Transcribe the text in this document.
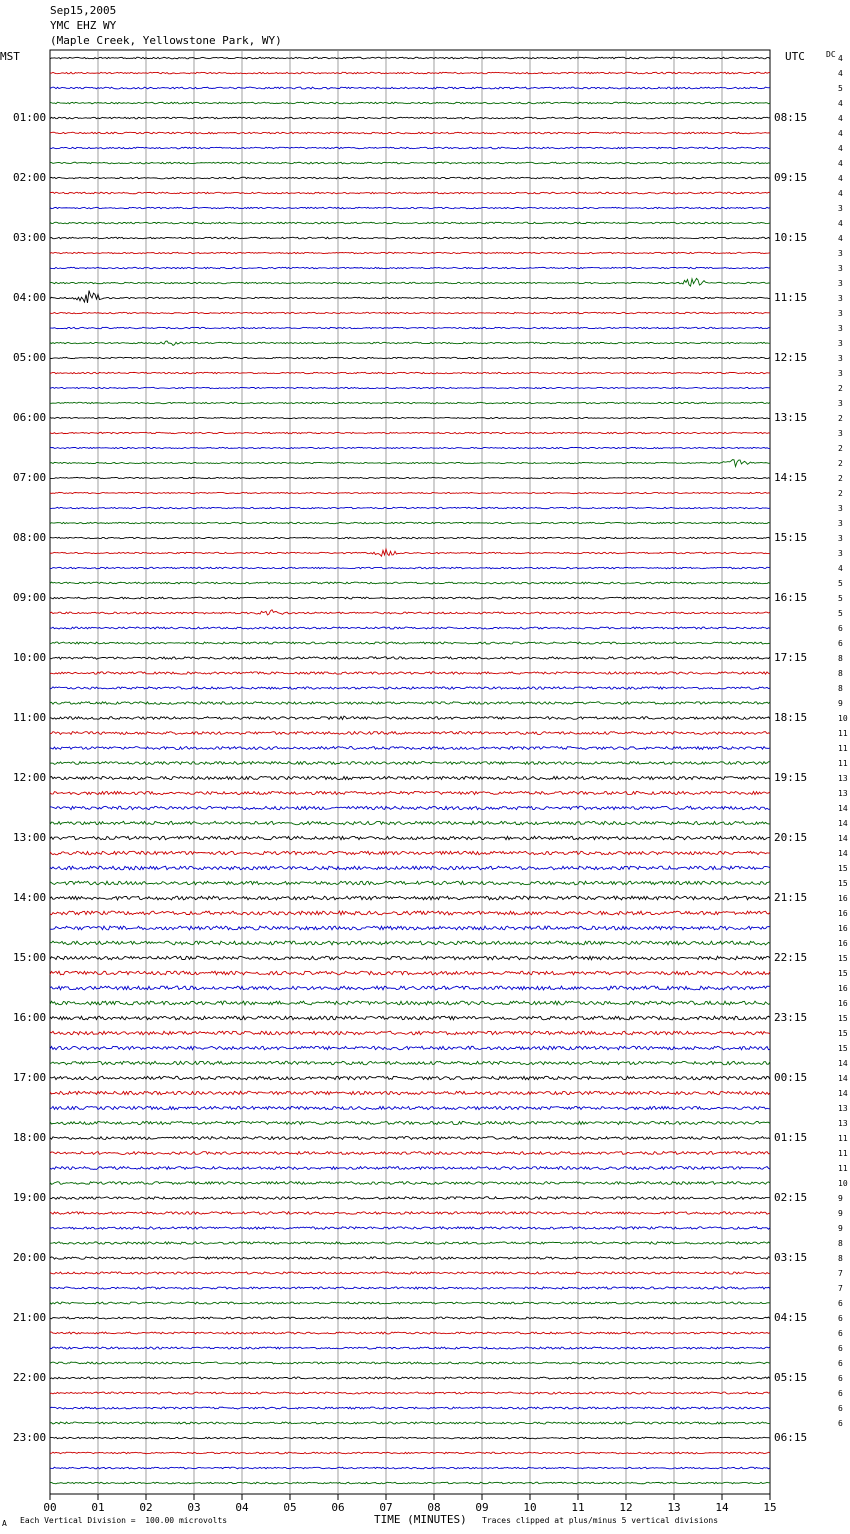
00	01	02	03	04	05	06	07	08	09	10	11	12	13	14	15
Sep15,2005
YMC EHZ WY
(Maple Creek, Yellowstone Park, WY)
MST	UTC	DC
01:00
02:00
03:00
04:00
05:00
06:00
07:00
08:00
09:00
10:00
11:00
12:00
13:00
14:00
15:00
16:00
17:00
18:00
19:00
20:00
21:00
22:00
23:00
08:15
09:15
10:15
11:15
12:15
13:15
14:15
15:15
16:15
17:15
18:15
19:15
20:15
21:15
22:15
23:15
00:15
01:15
02:15
03:15
04:15
05:15
06:15
4
4
5
4
4
4
4
4
4
4
3
4
4
3
3
3
3
3
3
3
3
3
2
3
2
3
2
2
2
2
3
3
3
3
4
5
5
5
6
6
8
8
8
9
10
11
11
11
13
13
14
14
14
14
15
15
16
16
16
16
15
15
16
16
15
15
15
14
14
14
13
13
11
11
11
10
9
9
9
8
8
7
7
6
6
6
6
6
6
6
6
6
A Each Vertical Division =  100.00 microvolts	TIME (MINUTES) Traces clipped at plus/minus 5 vertical divisions
